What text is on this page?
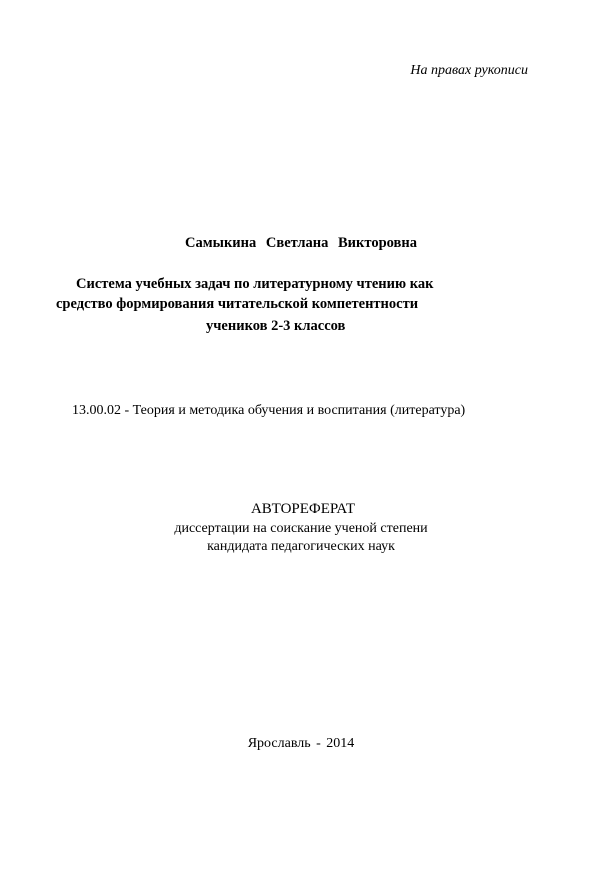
На правах рукописи
Самыкина Светлана Викторовна
Система учебных задач по литературному чтению как
средство формирования читательской компетентности
учеников 2-3 классов
13.00.02 - Теория и методика обучения и воспитания (литература)
АВТОРЕФЕРАТ
диссертации на соискание ученой степени
кандидата педагогических наук
Ярославль - 2014
